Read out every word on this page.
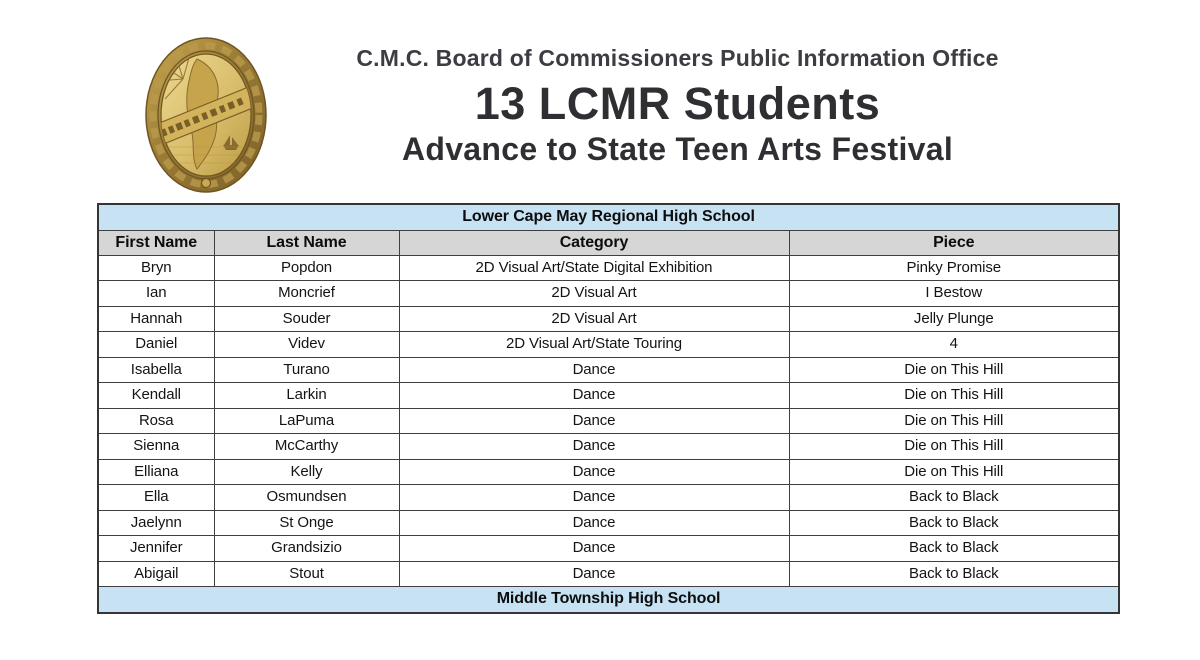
C.M.C. Board of Commissioners Public Information Office
13 LCMR Students
Advance to State Teen Arts Festival
Lower Cape May Regional High School			
First Name	Last Name	Category	Piece
Bryn	Popdon	2D Visual Art/State Digital Exhibition	Pinky Promise
Ian	Moncrief	2D Visual Art	I Bestow
Hannah	Souder	2D Visual Art	Jelly Plunge
Daniel	Videv	2D Visual Art/State Touring	4
Isabella	Turano	Dance	Die on This Hill
Kendall	Larkin	Dance	Die on This Hill
Rosa	LaPuma	Dance	Die on This Hill
Sienna	McCarthy	Dance	Die on This Hill
Elliana	Kelly	Dance	Die on This Hill
Ella	Osmundsen	Dance	Back to Black
Jaelynn	St Onge	Dance	Back to Black
Jennifer	Grandsizio	Dance	Back to Black
Abigail	Stout	Dance	Back to Black
Middle Township High School			
